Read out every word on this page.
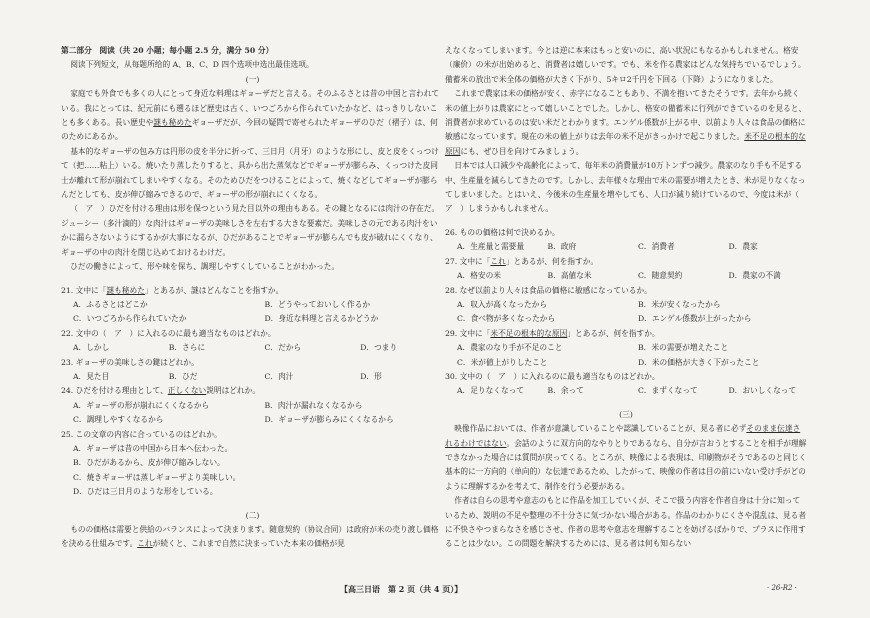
第二部分　阅读（共 20 小题；每小题 2.5 分，满分 50 分）

阅读下列短文，从每题所给的 A、B、C、D 四个选项中选出最佳选项。

(一)

家庭でも外食でも多くの人にとって身近な料理はギョーザだと言える。そのふるさとは昔の中国と言われている。我にとっては、紀元前にも遡るほど歴史は古く、いつごろから作られていたかなど、はっきりしないことも多くある。長い歴史や謎も秘めたギョーザだが、今回の疑問で寄せられたギョーザのひだ（褶子）は、何のためにあるか。

基本的なギョーザの包み方は円形の皮を半分に折って、三日月（月牙）のような形にし、皮と皮をくっつけて（把……粘上）いる。焼いたり蒸したりすると、具から出た蒸気などでギョーザが膨らみ、くっつけた皮同士が離れて形が崩れてしまいやすくなる。そのためひだをつけることによって、焼くなどしてギョーザが膨らんだとしても、皮が伸び縮みできるので、ギョーザの形が崩れにくくなる。

（　ア　）ひだを付ける理由は形を保つという見た目以外の理由もある。その鍵となるには肉汁の存在だ。ジューシー（多汁滴的）な肉汁はギョーザの美味しさを左右する大きな要素だ。美味しさの元である肉汁をいかに漏らさないようにするかが大事になるが、ひだがあることでギョーザが膨らんでも皮が破れにくくなり、ギョーザの中の肉汁を閉じ込めておけるわけだ。

ひだの働きによって、形や味を保ち、調理しやすくしていることがわかった。

21. 文中に「謎も秘めた」とあるが、謎はどんなことを指すか。
A．ふるさとはどこか	B．どうやっておいしく作るか
C．いつごろから作られていたか	D．身近な料理と言えるかどうか
22. 文中の（　ア　）に入れるのに最も適当なものはどれか。
A．しかし	B．さらに	C．だから	D．つまり
23. ギョーザの美味しさの鍵はどれか。
A．見た目	B．ひだ	C．肉汁	D．形
24. ひだを付ける理由として、正しくない説明はどれか。
A．ギョーザの形が崩れにくくなるから	B．肉汁が漏れなくなるから
C．調理しやすくなるから	D．ギョーザが膨らみにくくなるから
25. この文章の内容に合っているのはどれか。
A．ギョーザは昔の中国から日本へ伝わった。
B．ひだがあるから、皮が伸び縮みしない。
C．焼きギョーザは蒸しギョーザより美味しい。
D．ひだは三日月のような形をしている。
(二)

ものの価格は需要と供給のバランスによって決まります。随意契約（协议合同）は政府が米の売り渡し価格を決める仕組みです。これが続くと、これまで自然に決まっていた本来の価格が見

えなくなってしまいます。今とは逆に本来はもっと安いのに、高い状況にもなるかもしれません。格安（廉价）の米が出始めると、消費者は嬉しいです。でも、米を作る農家はどんな気持ちでいるでしょう。備蓄米の放出で米全体の価格が大きく下がり、5キロ2千円を下回る（下降）ようになりました。

これまで農家は米の価格が安く、赤字になることもあり、不満を抱いてきたそうです。去年から続く米の値上がりは農家にとって嬉しいことでした。しかし、格安の備蓄米に行列ができているのを見ると、消費者が求めているのは安い米だとわかります。エンゲル係数が上がる中、以前より人々は食品の価格に敏感になっています。現在の米の値上がりは去年の米不足がきっかけで起こりました。米不足の根本的な原因にも、ぜひ目を向けてみましょう。

日本では人口減少や高齢化によって、毎年米の消費量が10万トンずつ減少。農家のなり手も不足する中、生産量を減らしてきたのです。しかし、去年様々な理由で米の需要が増えたとき、米が足りなくなってしまいました。とはいえ、今後米の生産量を増やしても、人口が減り続けているので、今度は米が（　ア　）しまうかもしれません。

26. ものの価格は何で決めるか。
A．生産量と需要量	B．政府	C．消費者	D．農家
27. 文中に「これ」とあるが、何を指すか。
A．格安の米	B．高値な米	C．随意契約	D．農家の不満
28. なぜ以前より人々は食品の価格に敏感になっているか。
A．収入が高くなったから	B．米が安くなったから
C．食べ物が多くなったから	D．エンゲル係数が上がったから
29. 文中に「米不足の根本的な原因」とあるが、何を指すか。
A．農家のなり手が不足のこと	B．米の需要が増えたこと
C．米が値上がりしたこと	D．米の価格が大きく下がったこと
30. 文中の（　ア　）に入れるのに最も適当なものはどれか。
A．足りなくなって	B．余って	C．まずくなって	D．おいしくなって
(三)

映像作品においては、作者が意識していることや認識していることが、見る者に必ずそのまま伝達されるわけではない。会話のように双方向的なやりとりであるなら、自分が言おうとすることを相手が理解できなかった場合には質問が戻ってくる。ところが、映像による表現は、印刷物がそうであるのと同じく基本的に一方向的（单向的）な伝達であるため、したがって、映像の作者は目の前にいない受け手がどのように理解するかを考えて、制作を行う必要がある。

作者は自らの思考や意志のもとに作品を加工していくが、そこで扱う内容を作者自身は十分に知っているため、説明の不足や整理の不十分さに気づかない場合がある。作品のわかりにくさや混乱は、見る者に不快さやつまらなさを感じさせ、作者の思考や意志を理解することを妨げるばかりで、プラスに作用することは少ない。この問題を解決するためには、見る者は何も知らない

【高三日语　第 2 页（共 4 页）】	· 26-R2 ·
